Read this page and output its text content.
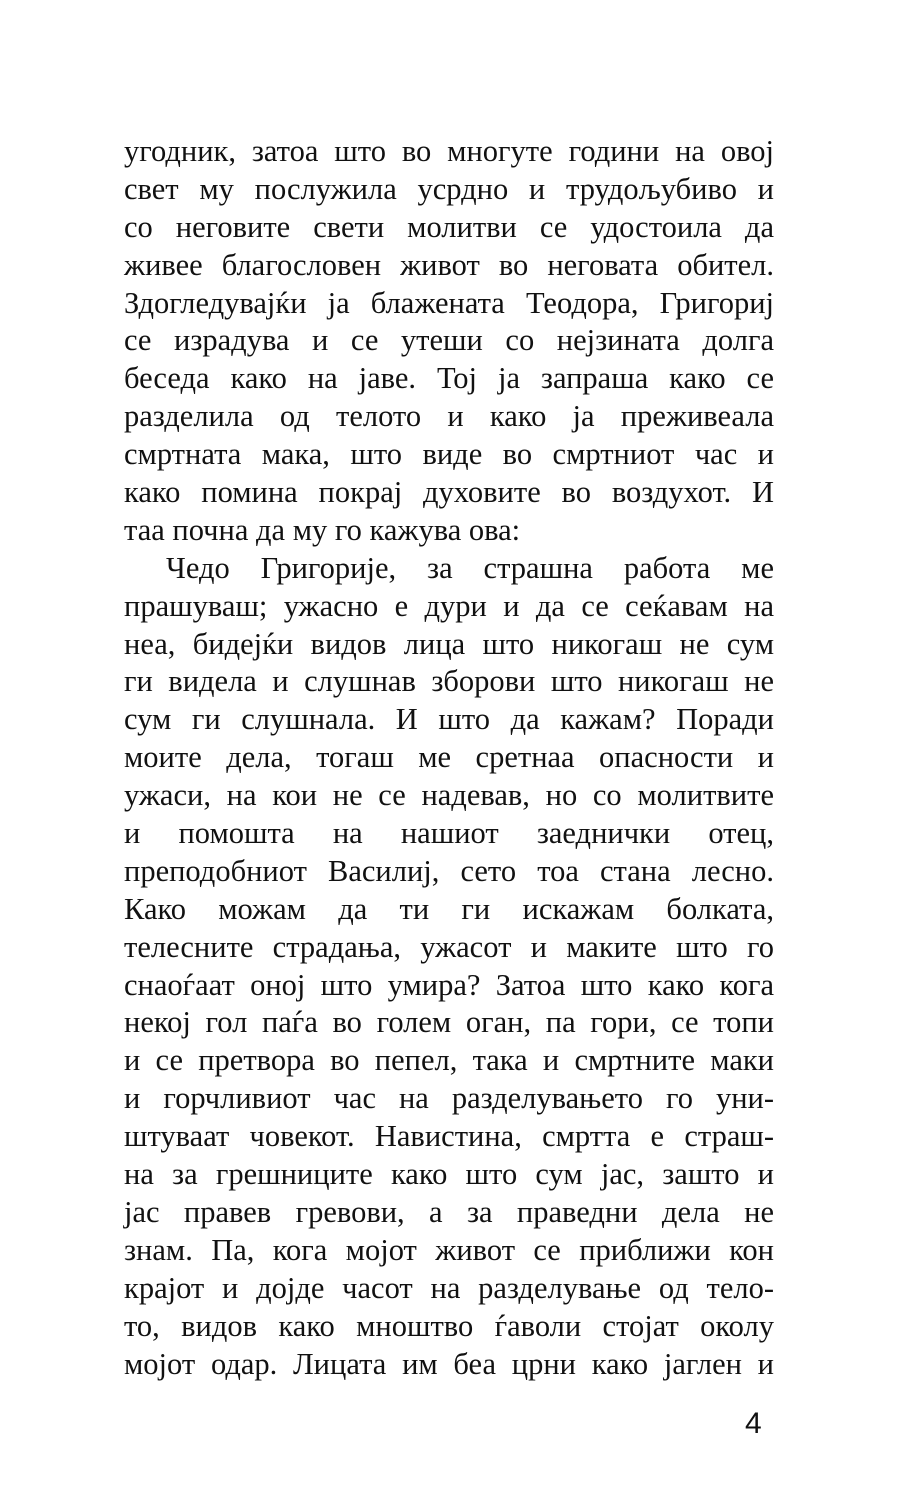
угодник, затоа што во многуте години на овој
свет му послужила усрдно и трудољубиво и
со неговите свети молитви се удостоила да
живее благословен живот во неговата обител.
Здогледувајќи ја блажената Теодора, Григориј
се израдува и се утеши со нејзината долга
беседа како на јаве. Тој ја запраша како се
разделила од телото и како ја преживеала
смртната мака, што виде во смртниот час и
како помина покрај духовите во воздухот. И
таа почна да му го кажува ова:
Чедо Григорије, за страшна работа ме
прашуваш; ужасно е дури и да се сеќавам на
неа, бидејќи видов лица што никогаш не сум
ги видела и слушнав зборови што никогаш не
сум ги слушнала. И што да кажам? Поради
моите дела, тогаш ме сретнаа опасности и
ужаси, на кои не се надевав, но со молитвите
и помошта на нашиот заеднички отец,
преподобниот Василиј, сето тоа стана лесно.
Како можам да ти ги искажам болката,
телесните страдања, ужасот и маките што го
снаоѓаат оној што умира? Затоа што како кога
некој гол паѓа во голем оган, па гори, се топи
и се претвора во пепел, така и смртните маки
и горчливиот час на разделувањето го уни-
штуваат човекот. Навистина, смртта е страш-
на за грешниците како што сум јас, зашто и
јас правев гревови, а за праведни дела не
знам. Па, кога мојот живот се приближи кон
крајот и дојде часот на разделување од тело-
то, видов како мноштво ѓаволи стојат околу
мојот одар. Лицата им беа црни како јаглен и
4
